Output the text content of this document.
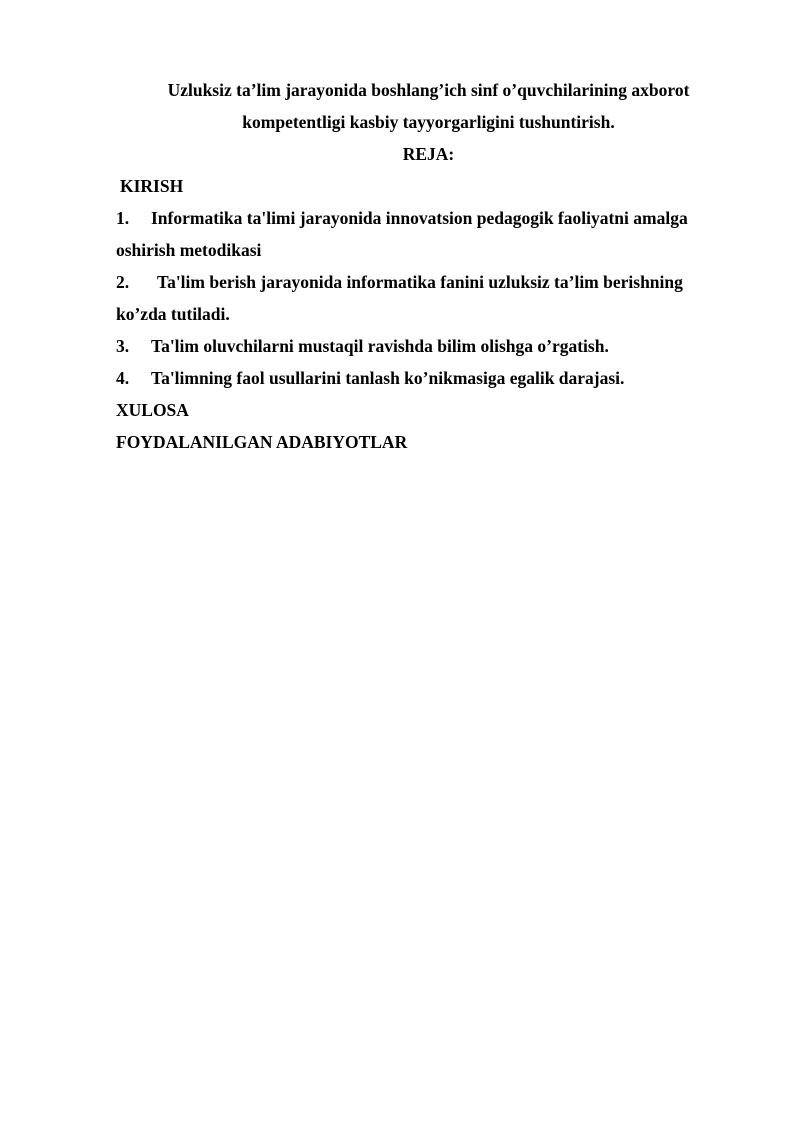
Uzluksiz ta’lim jarayonida boshlang’ich sinf o’quvchilarining axborot
kompetentligi kasbiy tayyorgarligini tushuntirish.
REJA:
KIRISH
1. Informatika ta'limi jarayonida innovatsion pedagogik faoliyatni amalga
oshirish metodikasi
2. Ta'lim berish jarayonida informatika fanini uzluksiz ta’lim berishning
ko’zda tutiladi.
3. Ta'lim oluvchilarni mustaqil ravishda bilim olishga o’rgatish.
4. Ta'limning faol usullarini tanlash ko’nikmasiga egalik darajasi.
XULOSA
FOYDALANILGAN ADABIYOTLAR
